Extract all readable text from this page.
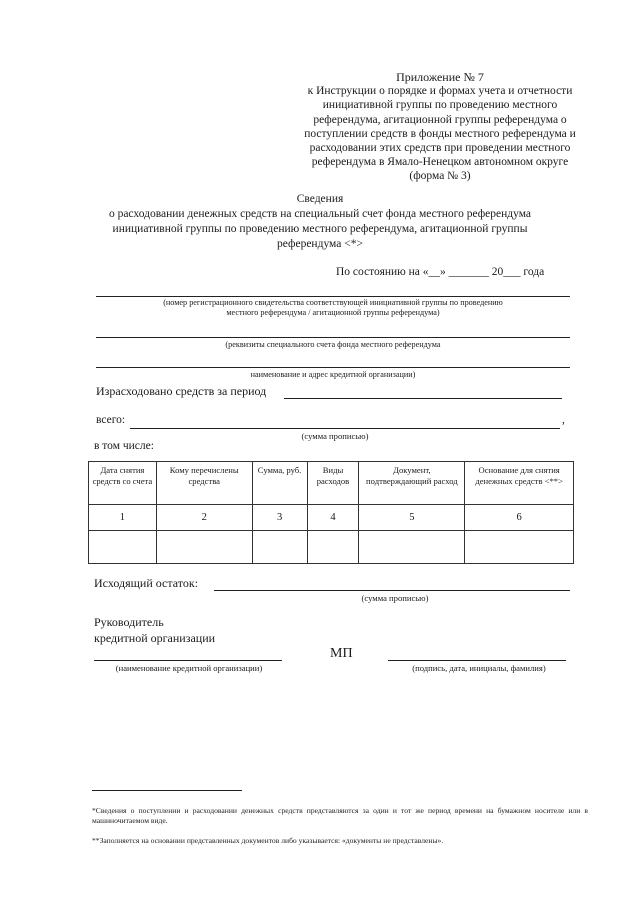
Приложение № 7
к Инструкции о порядке и формах учета и отчетности
инициативной группы по проведению местного
референдума, агитационной группы референдума о
поступлении средств в фонды местного референдума и
расходовании этих средств при проведении местного
референдума в Ямало-Ненецком автономном округе
(форма № 3)
Сведения
о расходовании денежных средств на специальный счет фонда местного референдума
инициативной группы по проведению местного референдума, агитационной группы
референдума <*>
По состоянию на «__» _______ 20___ года
(номер регистрационного свидетельства соответствующей инициативной группы по проведению
местного референдума / агитационной группы референдума)
(реквизиты специального счета фонда местного референдума
наименование и адрес кредитной организации)
Израсходовано средств за период
всего:	,
(сумма прописью)
в том числе:
Дата снятия средств со счета	Кому перечислены средства	Сумма, руб.	Виды расходов	Документ, подтверждающий расход	Основание для снятия денежных средств <**>
1	2	3	4	5	6

Исходящий остаток:
(сумма прописью)
Руководитель
кредитной организации
(наименование кредитной организации)
МП
(подпись, дата, инициалы, фамилия)
*Сведения о поступлении и расходовании денежных средств представляются за один и тот же период времени на бумажном носителе или в машиночитаемом виде.
**Заполняется на основании представленных документов либо указывается: «документы не представлены».
